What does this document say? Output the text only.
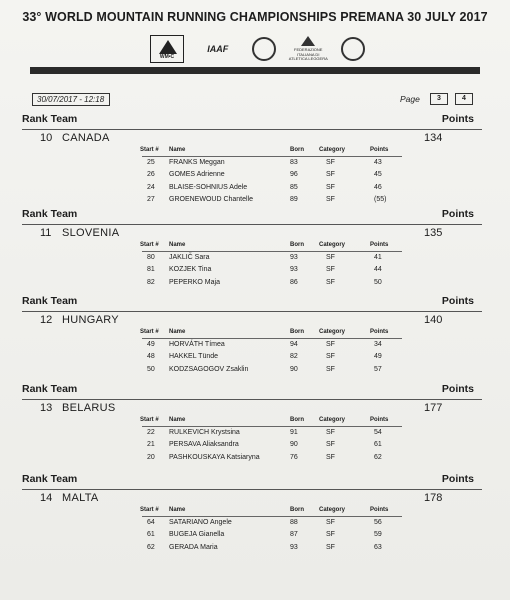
33° WORLD MOUNTAIN RUNNING CHAMPIONSHIPS PREMANA 30 JULY 2017
WM•C
IAAF	FEDERAZIONE ITALIANA DI ATLETICA LEGGERA
30/07/2017 - 12:18	Page	3	4
Rank Team	Points
10 CANADA	134
Start # Name	Born	Category	Points
25 FRANKS Meggan	83	SF	43
26 GOMES Adrienne	96	SF	45
24 BLAISE-SOHNIUS Adele	85	SF	46
27 GROENEWOUD Chantelle	89	SF	(55)
Rank Team	Points
11 SLOVENIA	135
Start # Name	Born	Category	Points
80 JAKLIČ Sara	93	SF	41
81 KOZJEK Tina	93	SF	44
82 PEPERKO Maja	86	SF	50
Rank Team	Points
12 HUNGARY	140
Start # Name	Born	Category	Points
49 HORVÁTH Tímea	94	SF	34
48 HAKKEL Tünde	82	SF	49
50 KODZSAGOGOV Zsaklin	90	SF	57
Rank Team	Points
13 BELARUS	177
Start # Name	Born	Category	Points
22 RULKEVICH Krystsina	91	SF	54
21 PERSAVA Aliaksandra	90	SF	61
20 PASHKOUSKAYA Katsiaryna	76	SF	62
Rank Team	Points
14 MALTA	178
Start # Name	Born	Category	Points
64 SATARIANO Angele	88	SF	56
61 BUGEJA Gianella	87	SF	59
62 GERADA Maria	93	SF	63
